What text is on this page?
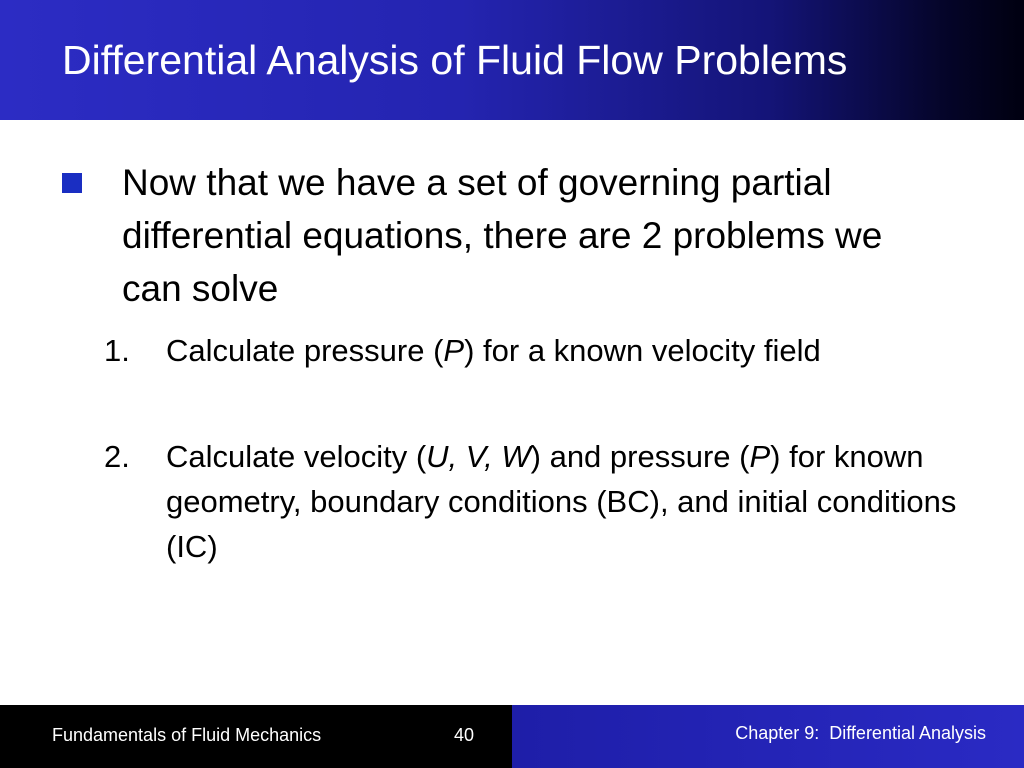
Differential Analysis of Fluid Flow Problems

Now that we have a set of governing partial differential equations, there are 2 problems we can solve

1. Calculate pressure (P) for a known velocity field
2. Calculate velocity (U, V, W) and pressure (P) for known geometry, boundary conditions (BC), and initial conditions (IC)
Fundamentals of Fluid Mechanics	40	Chapter 9:  Differential Analysis
